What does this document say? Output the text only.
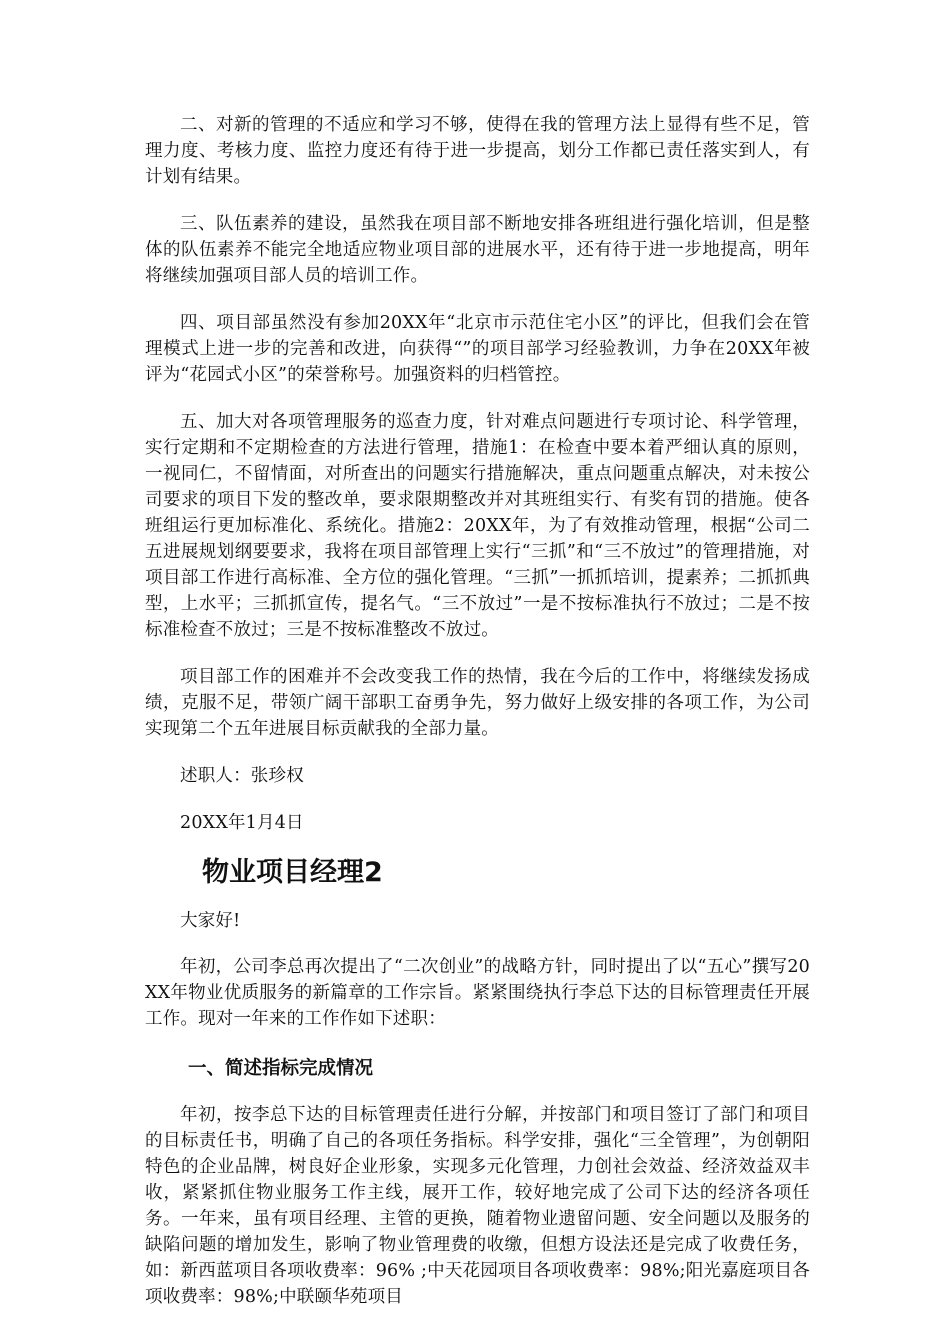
二、对新的管理的不适应和学习不够，使得在我的管理方法上显得有些不足，管理力度、考核力度、监控力度还有待于进一步提高，划分工作都已责任落实到人，有计划有结果。

三、队伍素养的建设，虽然我在项目部不断地安排各班组进行强化培训，但是整体的队伍素养不能完全地适应物业项目部的进展水平，还有待于进一步地提高，明年将继续加强项目部人员的培训工作。

四、项目部虽然没有参加20XX年“北京市示范住宅小区”的评比，但我们会在管理模式上进一步的完善和改进，向获得“”的项目部学习经验教训，力争在20XX年被评为“花园式小区”的荣誉称号。加强资料的归档管控。

五、加大对各项管理服务的巡查力度，针对难点问题进行专项讨论、科学管理，实行定期和不定期检查的方法进行管理，措施1：在检查中要本着严细认真的原则，一视同仁，不留情面，对所查出的问题实行措施解决，重点问题重点解决，对未按公司要求的项目下发的整改单，要求限期整改并对其班组实行、有奖有罚的措施。使各班组运行更加标准化、系统化。措施2：20XX年，为了有效推动管理，根据“公司二五进展规划纲要要求，我将在项目部管理上实行“三抓”和“三不放过”的管理措施，对项目部工作进行高标准、全方位的强化管理。“三抓”一抓抓培训，提素养；二抓抓典型，上水平；三抓抓宣传，提名气。“三不放过”一是不按标准执行不放过；二是不按标准检查不放过；三是不按标准整改不放过。

项目部工作的困难并不会改变我工作的热情，我在今后的工作中，将继续发扬成绩，克服不足，带领广阔干部职工奋勇争先，努力做好上级安排的各项工作，为公司实现第二个五年进展目标贡献我的全部力量。

述职人：张珍权

20XX年1月4日

物业项目经理2

大家好!

年初，公司李总再次提出了“二次创业”的战略方针，同时提出了以“五心”撰写20XX年物业优质服务的新篇章的工作宗旨。紧紧围绕执行李总下达的目标管理责任开展工作。现对一年来的工作作如下述职：

一、简述指标完成情况

年初，按李总下达的目标管理责任进行分解，并按部门和项目签订了部门和项目的目标责任书，明确了自己的各项任务指标。科学安排，强化“三全管理”，为创朝阳特色的企业品牌，树良好企业形象，实现多元化管理，力创社会效益、经济效益双丰收，紧紧抓住物业服务工作主线，展开工作，较好地完成了公司下达的经济各项任务。一年来，虽有项目经理、主管的更换，随着物业遗留问题、安全问题以及服务的缺陷问题的增加发生，影响了物业管理费的收缴，但想方设法还是完成了收费任务，如：新西蓝项目各项收费率：96% ;中天花园项目各项收费率：98%;阳光嘉庭项目各项收费率：98%;中联颐华苑项目
